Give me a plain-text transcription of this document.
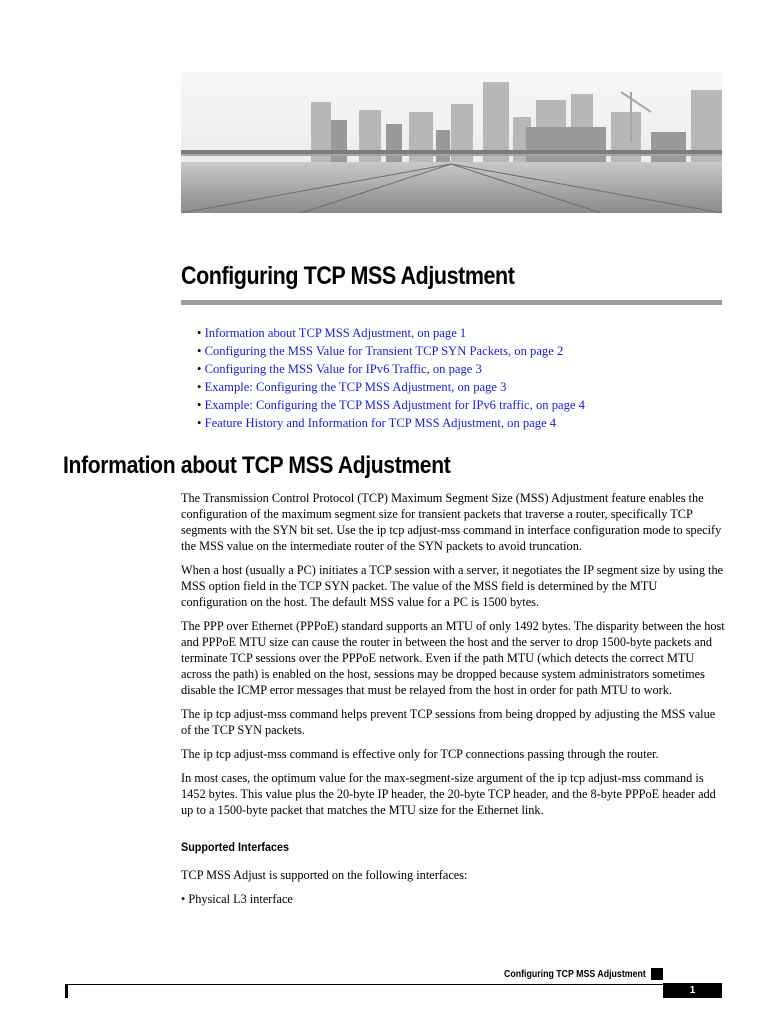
Configuring TCP MSS Adjustment
• Information about TCP MSS Adjustment, on page 1
• Configuring the MSS Value for Transient TCP SYN Packets, on page 2
• Configuring the MSS Value for IPv6 Traffic, on page 3
• Example: Configuring the TCP MSS Adjustment, on page 3
• Example: Configuring the TCP MSS Adjustment for IPv6 traffic, on page 4
• Feature History and Information for TCP MSS Adjustment, on page 4
Information about TCP MSS Adjustment

The Transmission Control Protocol (TCP) Maximum Segment Size (MSS) Adjustment feature enables the configuration of the maximum segment size for transient packets that traverse a router, specifically TCP segments with the SYN bit set. Use the ip tcp adjust-mss command in interface configuration mode to specify the MSS value on the intermediate router of the SYN packets to avoid truncation.

When a host (usually a PC) initiates a TCP session with a server, it negotiates the IP segment size by using the MSS option field in the TCP SYN packet. The value of the MSS field is determined by the MTU configuration on the host. The default MSS value for a PC is 1500 bytes.

The PPP over Ethernet (PPPoE) standard supports an MTU of only 1492 bytes. The disparity between the host and PPPoE MTU size can cause the router in between the host and the server to drop 1500-byte packets and terminate TCP sessions over the PPPoE network. Even if the path MTU (which detects the correct MTU across the path) is enabled on the host, sessions may be dropped because system administrators sometimes disable the ICMP error messages that must be relayed from the host in order for path MTU to work.

The ip tcp adjust-mss command helps prevent TCP sessions from being dropped by adjusting the MSS value of the TCP SYN packets.

The ip tcp adjust-mss command is effective only for TCP connections passing through the router.

In most cases, the optimum value for the max-segment-size argument of the ip tcp adjust-mss command is 1452 bytes. This value plus the 20-byte IP header, the 20-byte TCP header, and the 8-byte PPPoE header add up to a 1500-byte packet that matches the MTU size for the Ethernet link.

Supported Interfaces

TCP MSS Adjust is supported on the following interfaces:

• Physical L3 interface

Configuring TCP MSS Adjustment
1
